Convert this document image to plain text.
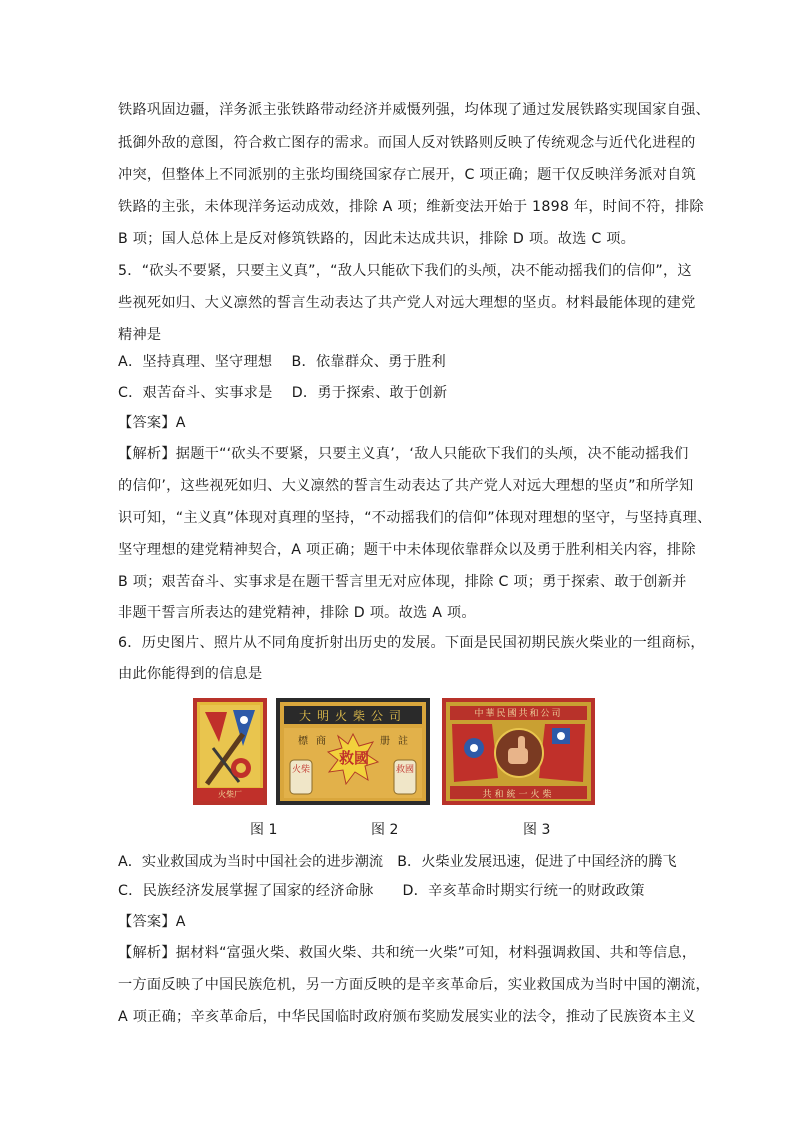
铁路巩固边疆，洋务派主张铁路带动经济并威慑列强，均体现了通过发展铁路实现国家自强、
抵御外敌的意图，符合救亡图存的需求。而国人反对铁路则反映了传统观念与近代化进程的
冲突，但整体上不同派别的主张均围绕国家存亡展开，C 项正确；题干仅反映洋务派对自筑
铁路的主张，未体现洋务运动成效，排除 A 项；维新变法开始于 1898 年，时间不符，排除
B 项；国人总体上是反对修筑铁路的，因此未达成共识，排除 D 项。故选 C 项。
5．“砍头不要紧，只要主义真”，“敌人只能砍下我们的头颅，决不能动摇我们的信仰”，这
些视死如归、大义凛然的誓言生动表达了共产党人对远大理想的坚贞。材料最能体现的建党
精神是
A．坚持真理、坚守理想　 B．依靠群众、勇于胜利
C．艰苦奋斗、实事求是　 D．勇于探索、敢于创新
【答案】A
【解析】据题干“‘砍头不要紧，只要主义真’，‘敌人只能砍下我们的头颅，决不能动摇我们
的信仰’，这些视死如归、大义凛然的誓言生动表达了共产党人对远大理想的坚贞”和所学知
识可知，“主义真”体现对真理的坚持，“不动摇我们的信仰”体现对理想的坚守，与坚持真理、
坚守理想的建党精神契合，A 项正确；题干中未体现依靠群众以及勇于胜利相关内容，排除
B 项；艰苦奋斗、实事求是在题干誓言里无对应体现，排除 C 项；勇于探索、敢于创新并
非题干誓言所表达的建党精神，排除 D 项。故选 A 项。
6．历史图片、照片从不同角度折射出历史的发展。下面是民国初期民族火柴业的一组商标，
由此你能得到的信息是
火柴厂
大明火柴公司
標商	册註
救國
火柴	救國
中華民國共和公司
共和統一火柴
图 1	图 2	图 3
A．实业救国成为当时中国社会的进步潮流　B．火柴业发展迅速，促进了中国经济的腾飞
C．民族经济发展掌握了国家的经济命脉　　D．辛亥革命时期实行统一的财政政策
【答案】A
【解析】据材料“富强火柴、救国火柴、共和统一火柴”可知，材料强调救国、共和等信息，
一方面反映了中国民族危机，另一方面反映的是辛亥革命后，实业救国成为当时中国的潮流，
A 项正确；辛亥革命后，中华民国临时政府颁布奖励发展实业的法令，推动了民族资本主义
